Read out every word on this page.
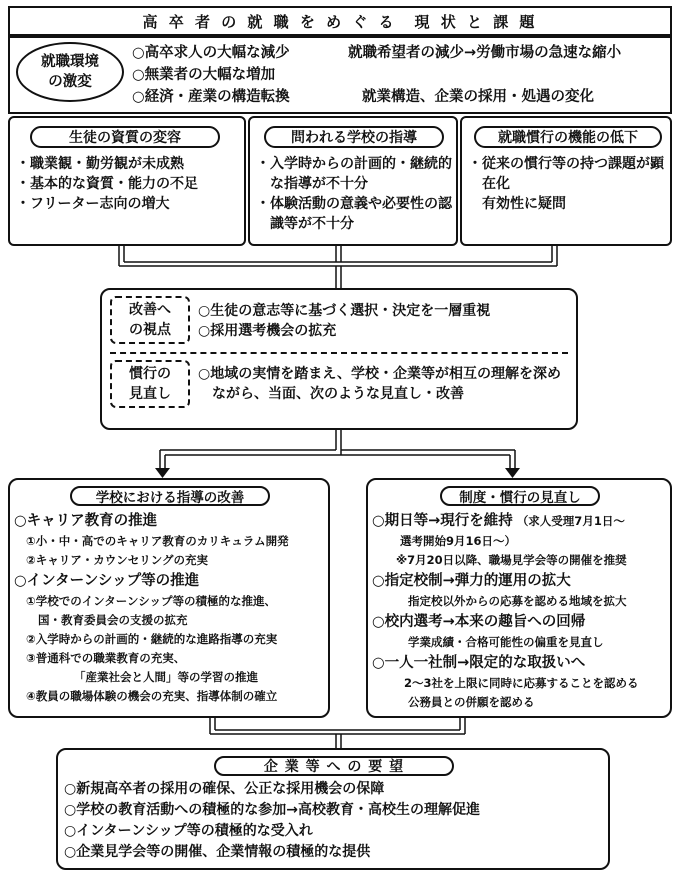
高 卒 者 の 就 職 を め ぐ る　現 状 と 課 題
就職環境
の激変
○高卒求人の大幅な減少	就職希望者の減少→労働市場の急速な縮小
○無業者の大幅な増加
○経済・産業の構造転換	就業構造、企業の採用・処遇の変化
生徒の資質の変容
・職業観・勤労観が未成熟
・基本的な資質・能力の不足
・フリーター志向の増大
問われる学校の指導
・入学時からの計画的・継続的な指導が不十分
・体験活動の意義や必要性の認識等が不十分
就職慣行の機能の低下
・従来の慣行等の持つ課題が顕在化
　有効性に疑問
改善へ
の視点
○生徒の意志等に基づく選択・決定を一層重視
○採用選考機会の拡充
慣行の
見直し
○地域の実情を踏まえ、学校・企業等が相互の理解を深めながら、当面、次のような見直し・改善
学校における指導の改善
○キャリア教育の推進
①小・中・高でのキャリア教育のカリキュラム開発
②キャリア・カウンセリングの充実
○インターンシップ等の推進
①学校でのインターンシップ等の積極的な推進、
国・教育委員会の支援の拡充
②入学時からの計画的・継続的な進路指導の充実
③普通科での職業教育の充実、
「産業社会と人間」等の学習の推進
④教員の職場体験の機会の充実、指導体制の確立
制度・慣行の見直し
○期日等→現行を維持 （求人受理7月1日～
選考開始9月16日～）
※7月20日以降、職場見学会等の開催を推奨
○指定校制→弾力的運用の拡大
指定校以外からの応募を認める地域を拡大
○校内選考→本来の趣旨への回帰
学業成績・合格可能性の偏重を見直し
○一人一社制→限定的な取扱いへ
2～3社を上限に同時に応募することを認める
公務員との併願を認める
企 業 等 へ の 要 望
○新規高卒者の採用の確保、公正な採用機会の保障
○学校の教育活動への積極的な参加→高校教育・高校生の理解促進
○インターンシップ等の積極的な受入れ
○企業見学会等の開催、企業情報の積極的な提供
